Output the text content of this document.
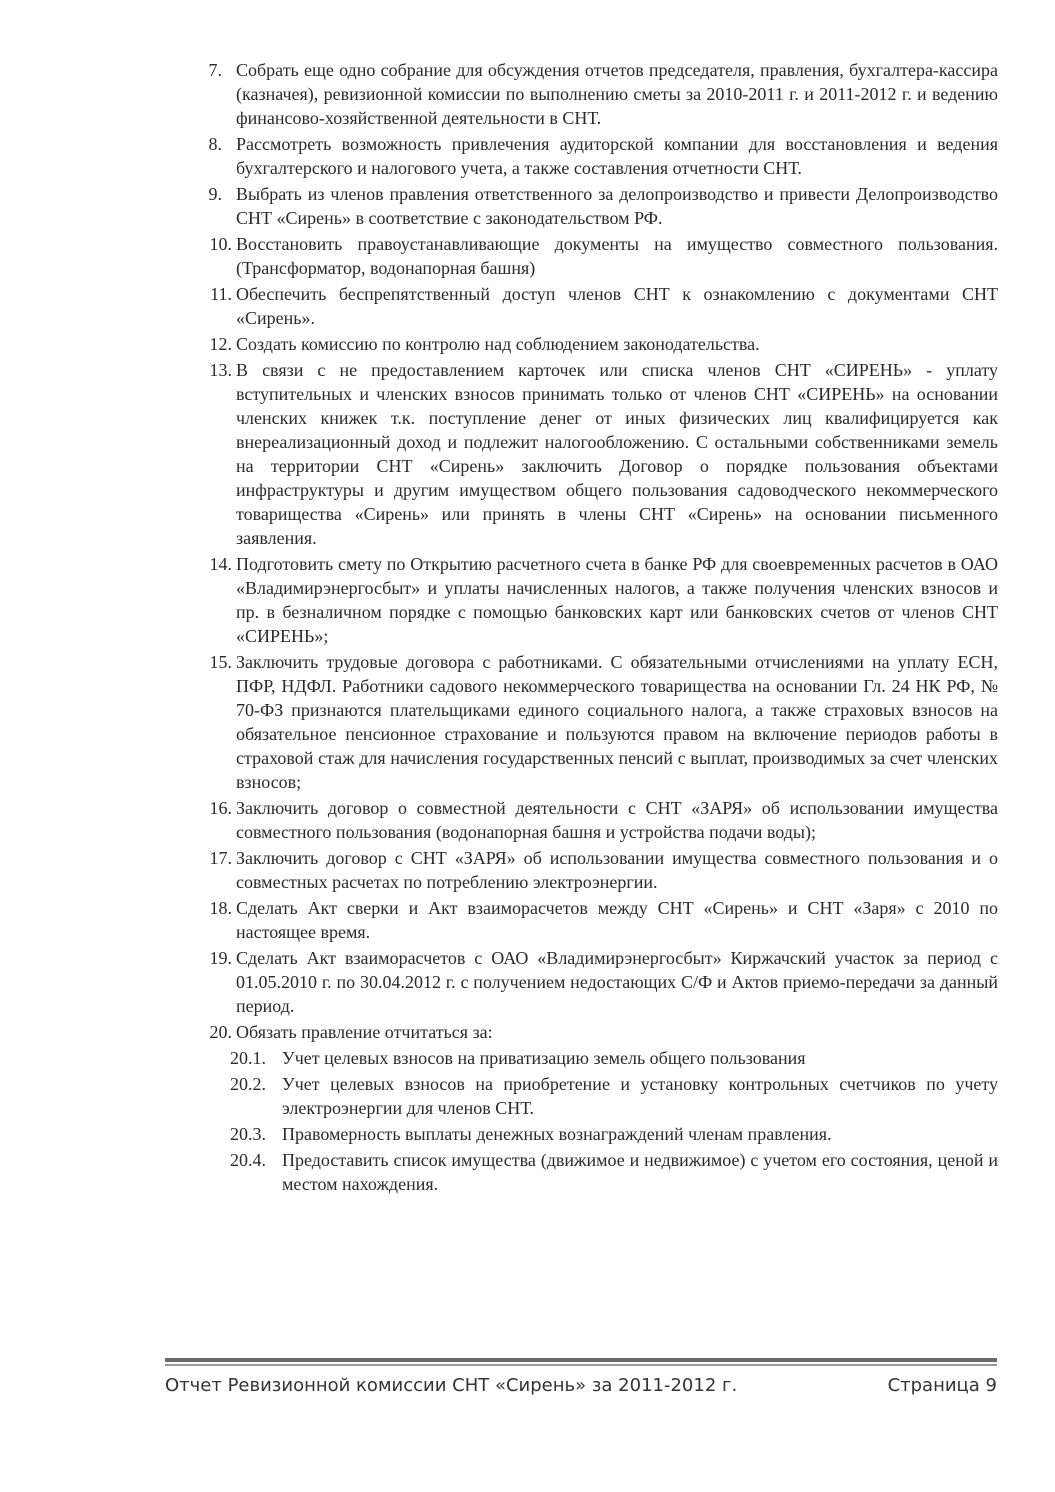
7. Собрать еще одно собрание для обсуждения отчетов председателя, правления, бухгалтера-кассира (казначея), ревизионной комиссии по выполнению сметы за 2010-2011 г. и 2011-2012 г. и ведению финансово-хозяйственной деятельности в СНТ.
8. Рассмотреть возможность привлечения аудиторской компании для восстановления и ведения бухгалтерского и налогового учета, а также составления отчетности СНТ.
9. Выбрать из членов правления ответственного за делопроизводство и привести Делопроизводство СНТ «Сирень» в соответствие с законодательством РФ.
10. Восстановить правоустанавливающие документы на имущество совместного пользования. (Трансформатор, водонапорная башня)
11. Обеспечить беспрепятственный доступ членов СНТ к ознакомлению с документами СНТ «Сирень».
12. Создать комиссию по контролю над соблюдением законодательства.
13. В связи с не предоставлением карточек или списка членов СНТ «СИРЕНЬ» - уплату вступительных и членских взносов принимать только от членов СНТ «СИРЕНЬ» на основании членских книжек т.к. поступление денег от иных физических лиц квалифицируется как внереализационный доход и подлежит налогообложению. С остальными собственниками земель на территории СНТ «Сирень» заключить Договор о порядке пользования объектами инфраструктуры и другим имуществом общего пользования садоводческого некоммерческого товарищества «Сирень» или принять в члены СНТ «Сирень» на основании письменного заявления.
14. Подготовить смету по Открытию расчетного счета в банке РФ для своевременных расчетов в ОАО «Владимирэнергосбыт» и уплаты начисленных налогов, а также получения членских взносов и пр. в безналичном порядке с помощью банковских карт или банковских счетов от членов СНТ «СИРЕНЬ»;
15. Заключить трудовые договора с работниками. С обязательными отчислениями на уплату ЕСН, ПФР, НДФЛ. Работники садового некоммерческого товарищества на основании Гл. 24 НК РФ, № 70-ФЗ признаются плательщиками единого социального налога, а также страховых взносов на обязательное пенсионное страхование и пользуются правом на включение периодов работы в страховой стаж для начисления государственных пенсий с выплат, производимых за счет членских взносов;
16. Заключить договор о совместной деятельности с СНТ «ЗАРЯ» об использовании имущества совместного пользования (водонапорная башня и устройства подачи воды);
17. Заключить договор с СНТ «ЗАРЯ» об использовании имущества совместного пользования и о совместных расчетах по потреблению электроэнергии.
18. Сделать Акт сверки и Акт взаиморасчетов между СНТ «Сирень» и СНТ «Заря» с 2010 по настоящее время.
19. Сделать Акт взаиморасчетов с ОАО «Владимирэнергосбыт» Киржачский участок за период с 01.05.2010 г. по 30.04.2012 г. с получением недостающих С/Ф и Актов приемо-передачи за данный период.
20. Обязать правление отчитаться за:
20.1. Учет целевых взносов на приватизацию земель общего пользования
20.2. Учет целевых взносов на приобретение и установку контрольных счетчиков по учету электроэнергии для членов СНТ.
20.3. Правомерность выплаты денежных вознаграждений членам правления.
20.4. Предоставить список имущества (движимое и недвижимое) с учетом его состояния, ценой и местом нахождения.
Отчет Ревизионной комиссии СНТ «Сирень» за 2011-2012 г.	Страница 9
